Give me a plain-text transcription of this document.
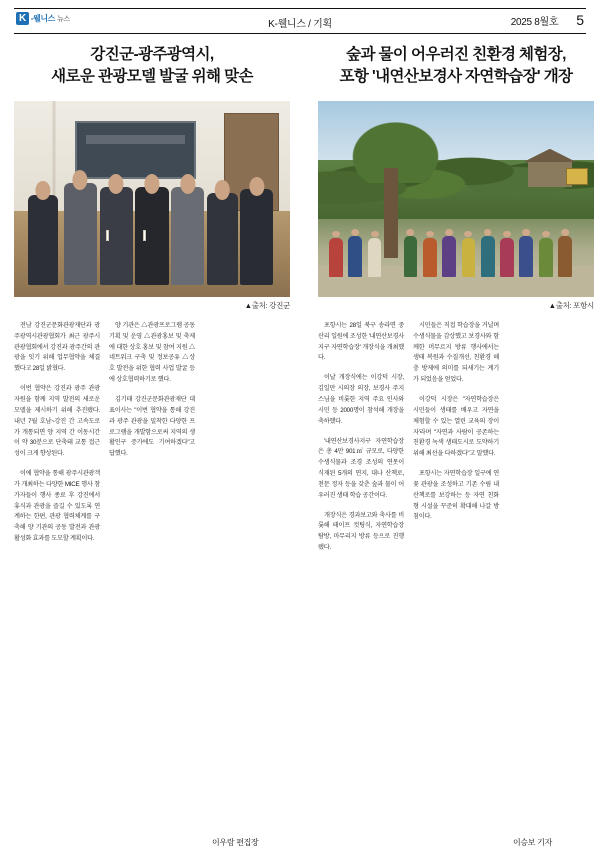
K -웰니스 뉴스	K-웰니스 / 기획	2025 8월호 5
강진군-광주광역시,
새로운 관광모델 발굴 위해 맞손
▲출처: 강진군

전남 강진군문화관광재단과 광주광역시관광협회가 최근 광주시관광협회에서 강진과 광주간의 관광을 잇기 위해 업무협약을 체결했다고 28일 밝혔다.

이번 협약은 강진과 광주 관광자원을 함께 지역 발전의 새로운 모델을 제시하기 위해 추진됐다. 내년 7월 호남~강진 간 고속도로가 개통되면 양 지역 간 이동시간이 약 30분으로 단축돼 교통 접근성이 크게 향상된다.

이에 협약을 통해 광주시관광객가 개최하는 다양한 MICE 행사 참가자들이 행사 종료 후 강진에서 휴식과 관광을 즐길 수 있도록 연계하는 한편, 관광 협력체계를 구축해 양 기관의 공동 발전과 관광 활성화 효과를 도모할 계획이다.

양 기관은 △관광프로그램 공동 기획 및 운영 △관광홍보 및 축제에 대한 상호 홍보 및 참여 지원 △네트워크 구축 및 정보공유 △상호 발전을 위한 협력 사업 발굴 등에 상호협력하기로 했다.

김기태 강진군문화관광재단 대표이사는 "이번 협약을 통해 강진과 광주 관광을 밀착한 다양한 프로그램을 개발함으로써 지역의 생활인구 증가에도 기여하겠다"고 답했다.

숲과 물이 어우러진 친환경 체험장,
포항 '내연산보경사 자연학습장' 개장
▲출처: 포항시

포항시는 28일 북구 송라면 중산리 일원에 조성한 '내연산보경사지구 자연학습장' 개장식을 개최했다.

이날 개장식에는 이강덕 시장, 김일만 시의장 의장, 보경사 주지 스님을 비롯한 지역 주요 인사와 시민 등 2000명이 참석해 개장을 축하했다.

'내연산보경사지구 자연학습장은 총 4만 901㎡ 규모로, 다양한 수생식물과 조경 조성의 연못이 식재된 5개의 연지, 대나 산책로, 천문 정자 등을 갖춘 숲과 물이 어우러진 생태 학습 공간이다.

개장식은 경과보고와 축사를 비롯해 테이프 컷팅식, 자연학습장 탐방, 마무리지 방류 등으로 진행됐다.

시민들은 직접 학습장을 거닐며 수생식물을 감상했고 보경사와 함께한 머무르지 방류 행사에서는 생태 복원과 수질개선, 친환경 해충 방제에 의미를 되새기는 계기가 되었음을 얻었다.

이강덕 시장은 "자연학습장은 시민들이 생태를 배우고 자연을 체험할 수 있는 열린 교육의 장이자'라며 "자연과 사람이 공존하는 친환경 녹색 생태도시로 도약하기 위해 최선을 다하겠다"고 말했다.

포항시는 자연학습장 일구에 연꽃 관광을 조성하고 기존 수림 내 산책로를 보강하는 등 자연 친화형 시설을 꾸준히 확대해 나갈 방침이다.

이우람 편집장	이승보 기자
